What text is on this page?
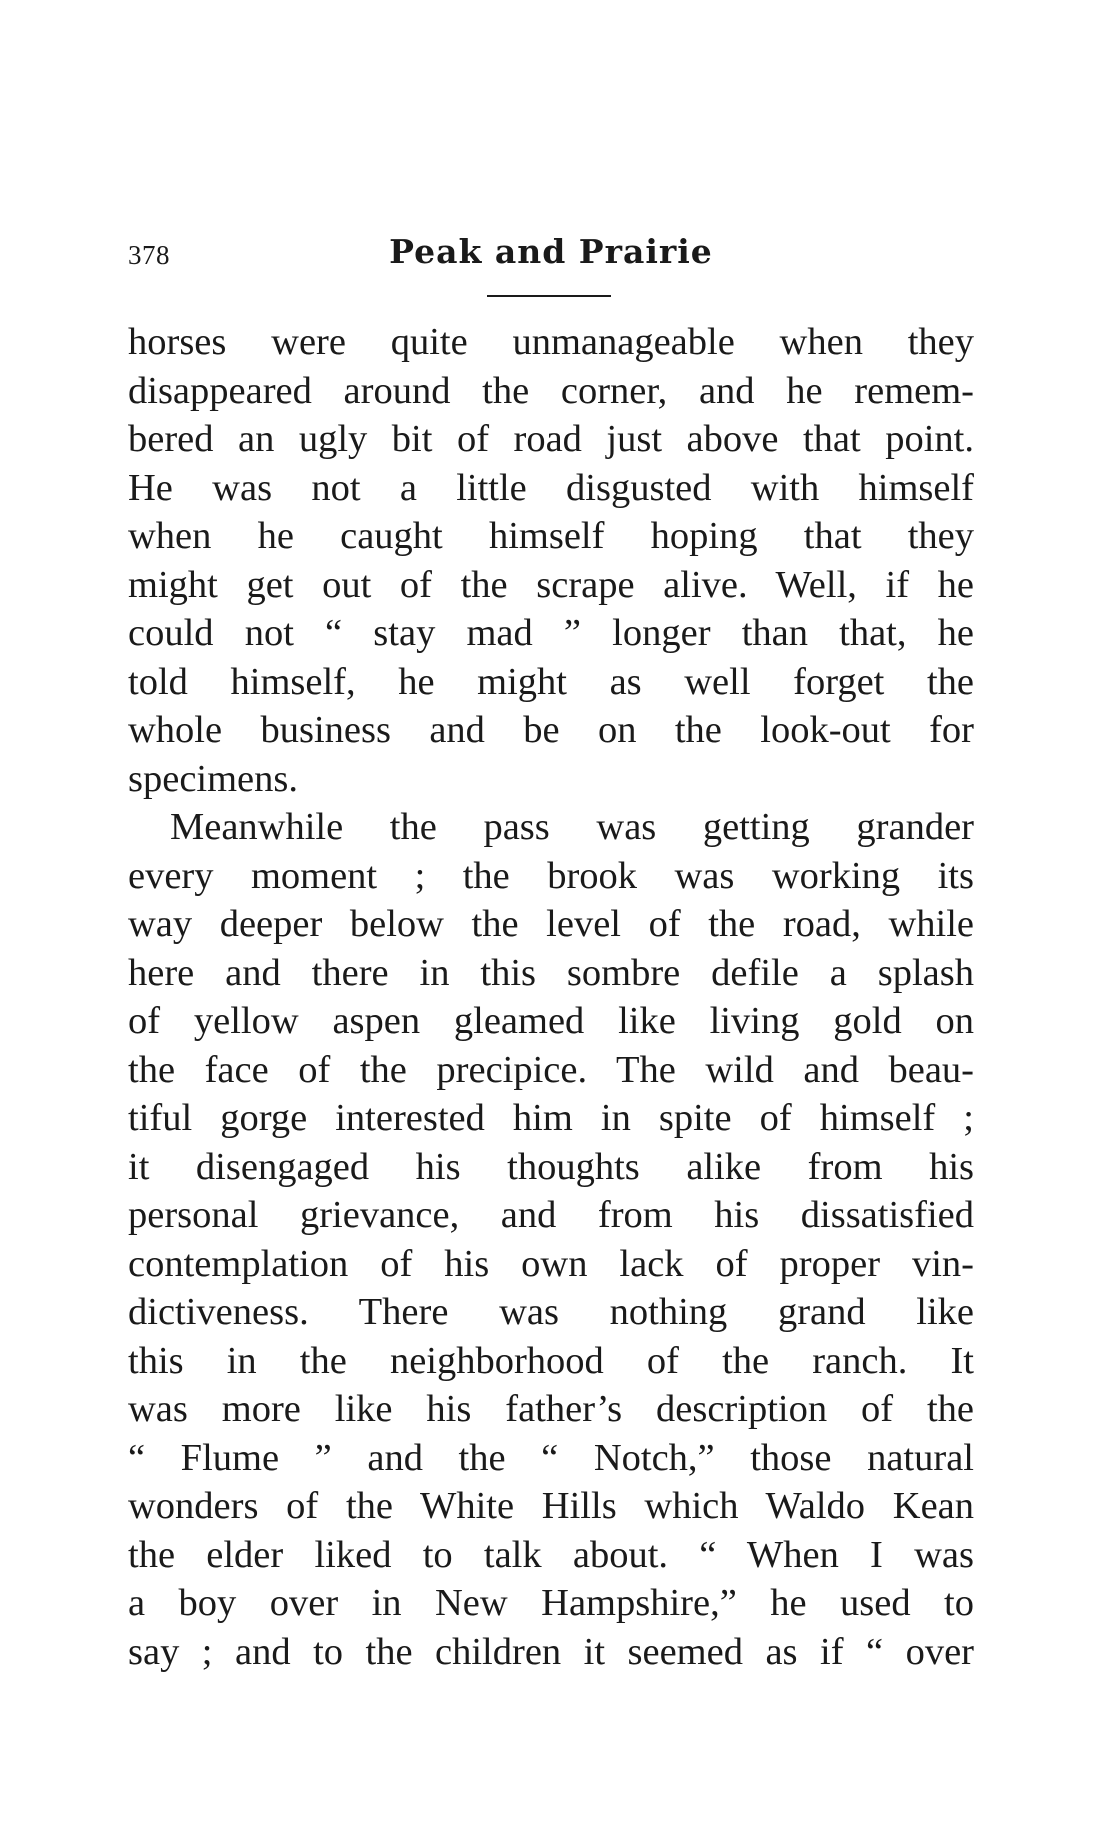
378	Peak and Prairie
horses were quite unmanageable when they
disappeared around the corner, and he remem-
bered an ugly bit of road just above that point.
He was not a little disgusted with himself
when he caught himself hoping that they
might get out of the scrape alive. Well, if he
could not “ stay mad ” longer than that, he
told himself, he might as well forget the
whole business and be on the look-out for
specimens.
Meanwhile the pass was getting grander
every moment ; the brook was working its
way deeper below the level of the road, while
here and there in this sombre defile a splash
of yellow aspen gleamed like living gold on
the face of the precipice. The wild and beau-
tiful gorge interested him in spite of himself ;
it disengaged his thoughts alike from his
personal grievance, and from his dissatisfied
contemplation of his own lack of proper vin-
dictiveness. There was nothing grand like
this in the neighborhood of the ranch. It
was more like his father’s description of the
“ Flume ” and the “ Notch,” those natural
wonders of the White Hills which Waldo Kean
the elder liked to talk about. “ When I was
a boy over in New Hampshire,” he used to
say ; and to the children it seemed as if “ over
